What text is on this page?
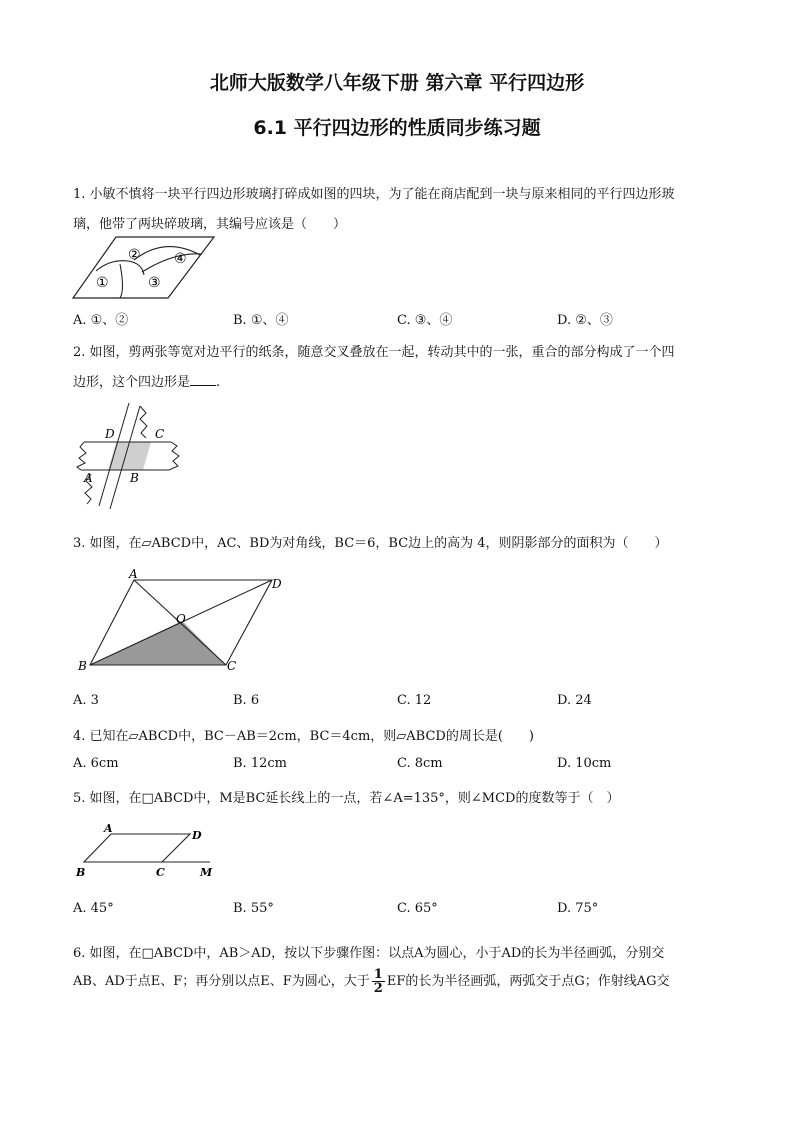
北师大版数学八年级下册 第六章 平行四边形
6.1 平行四边形的性质同步练习题
1. 小敏不慎将一块平行四边形玻璃打碎成如图的四块，为了能在商店配到一块与原来相同的平行四边形玻
璃，他带了两块碎玻璃，其编号应该是（　　）
①
②
③
④
A. ①、②	B. ①、④	C. ③、④	D. ②、③
2. 如图，剪两张等宽对边平行的纸条，随意交叉叠放在一起，转动其中的一张，重合的部分构成了一个四
边形，这个四边形是 .
D	C
A	B
3. 如图，在▱ABCD中，AC、BD为对角线，BC＝6，BC边上的高为 4，则阴影部分的面积为（　　）
A
D
O
B	C
A. 3	B. 6	C. 12	D. 24
4. 已知在▱ABCD中，BC－AB＝2cm，BC＝4cm，则▱ABCD的周长是(　　)
A. 6cm	B. 12cm	C. 8cm	D. 10cm
5. 如图，在□ABCD中，M是BC延长线上的一点，若∠A=135°，则∠MCD的度数等于（　）
A
D
B	C	M
A. 45°	B. 55°	C. 65°	D. 75°
6. 如图，在□ABCD中，AB＞AD，按以下步骤作图：以点A为圆心，小于AD的长为半径画弧，分别交
AB、AD于点E、F；再分别以点E、F为圆心，大于 $\frac{1}{2}$ EF的长为半径画弧，两弧交于点G；作射线AG交
